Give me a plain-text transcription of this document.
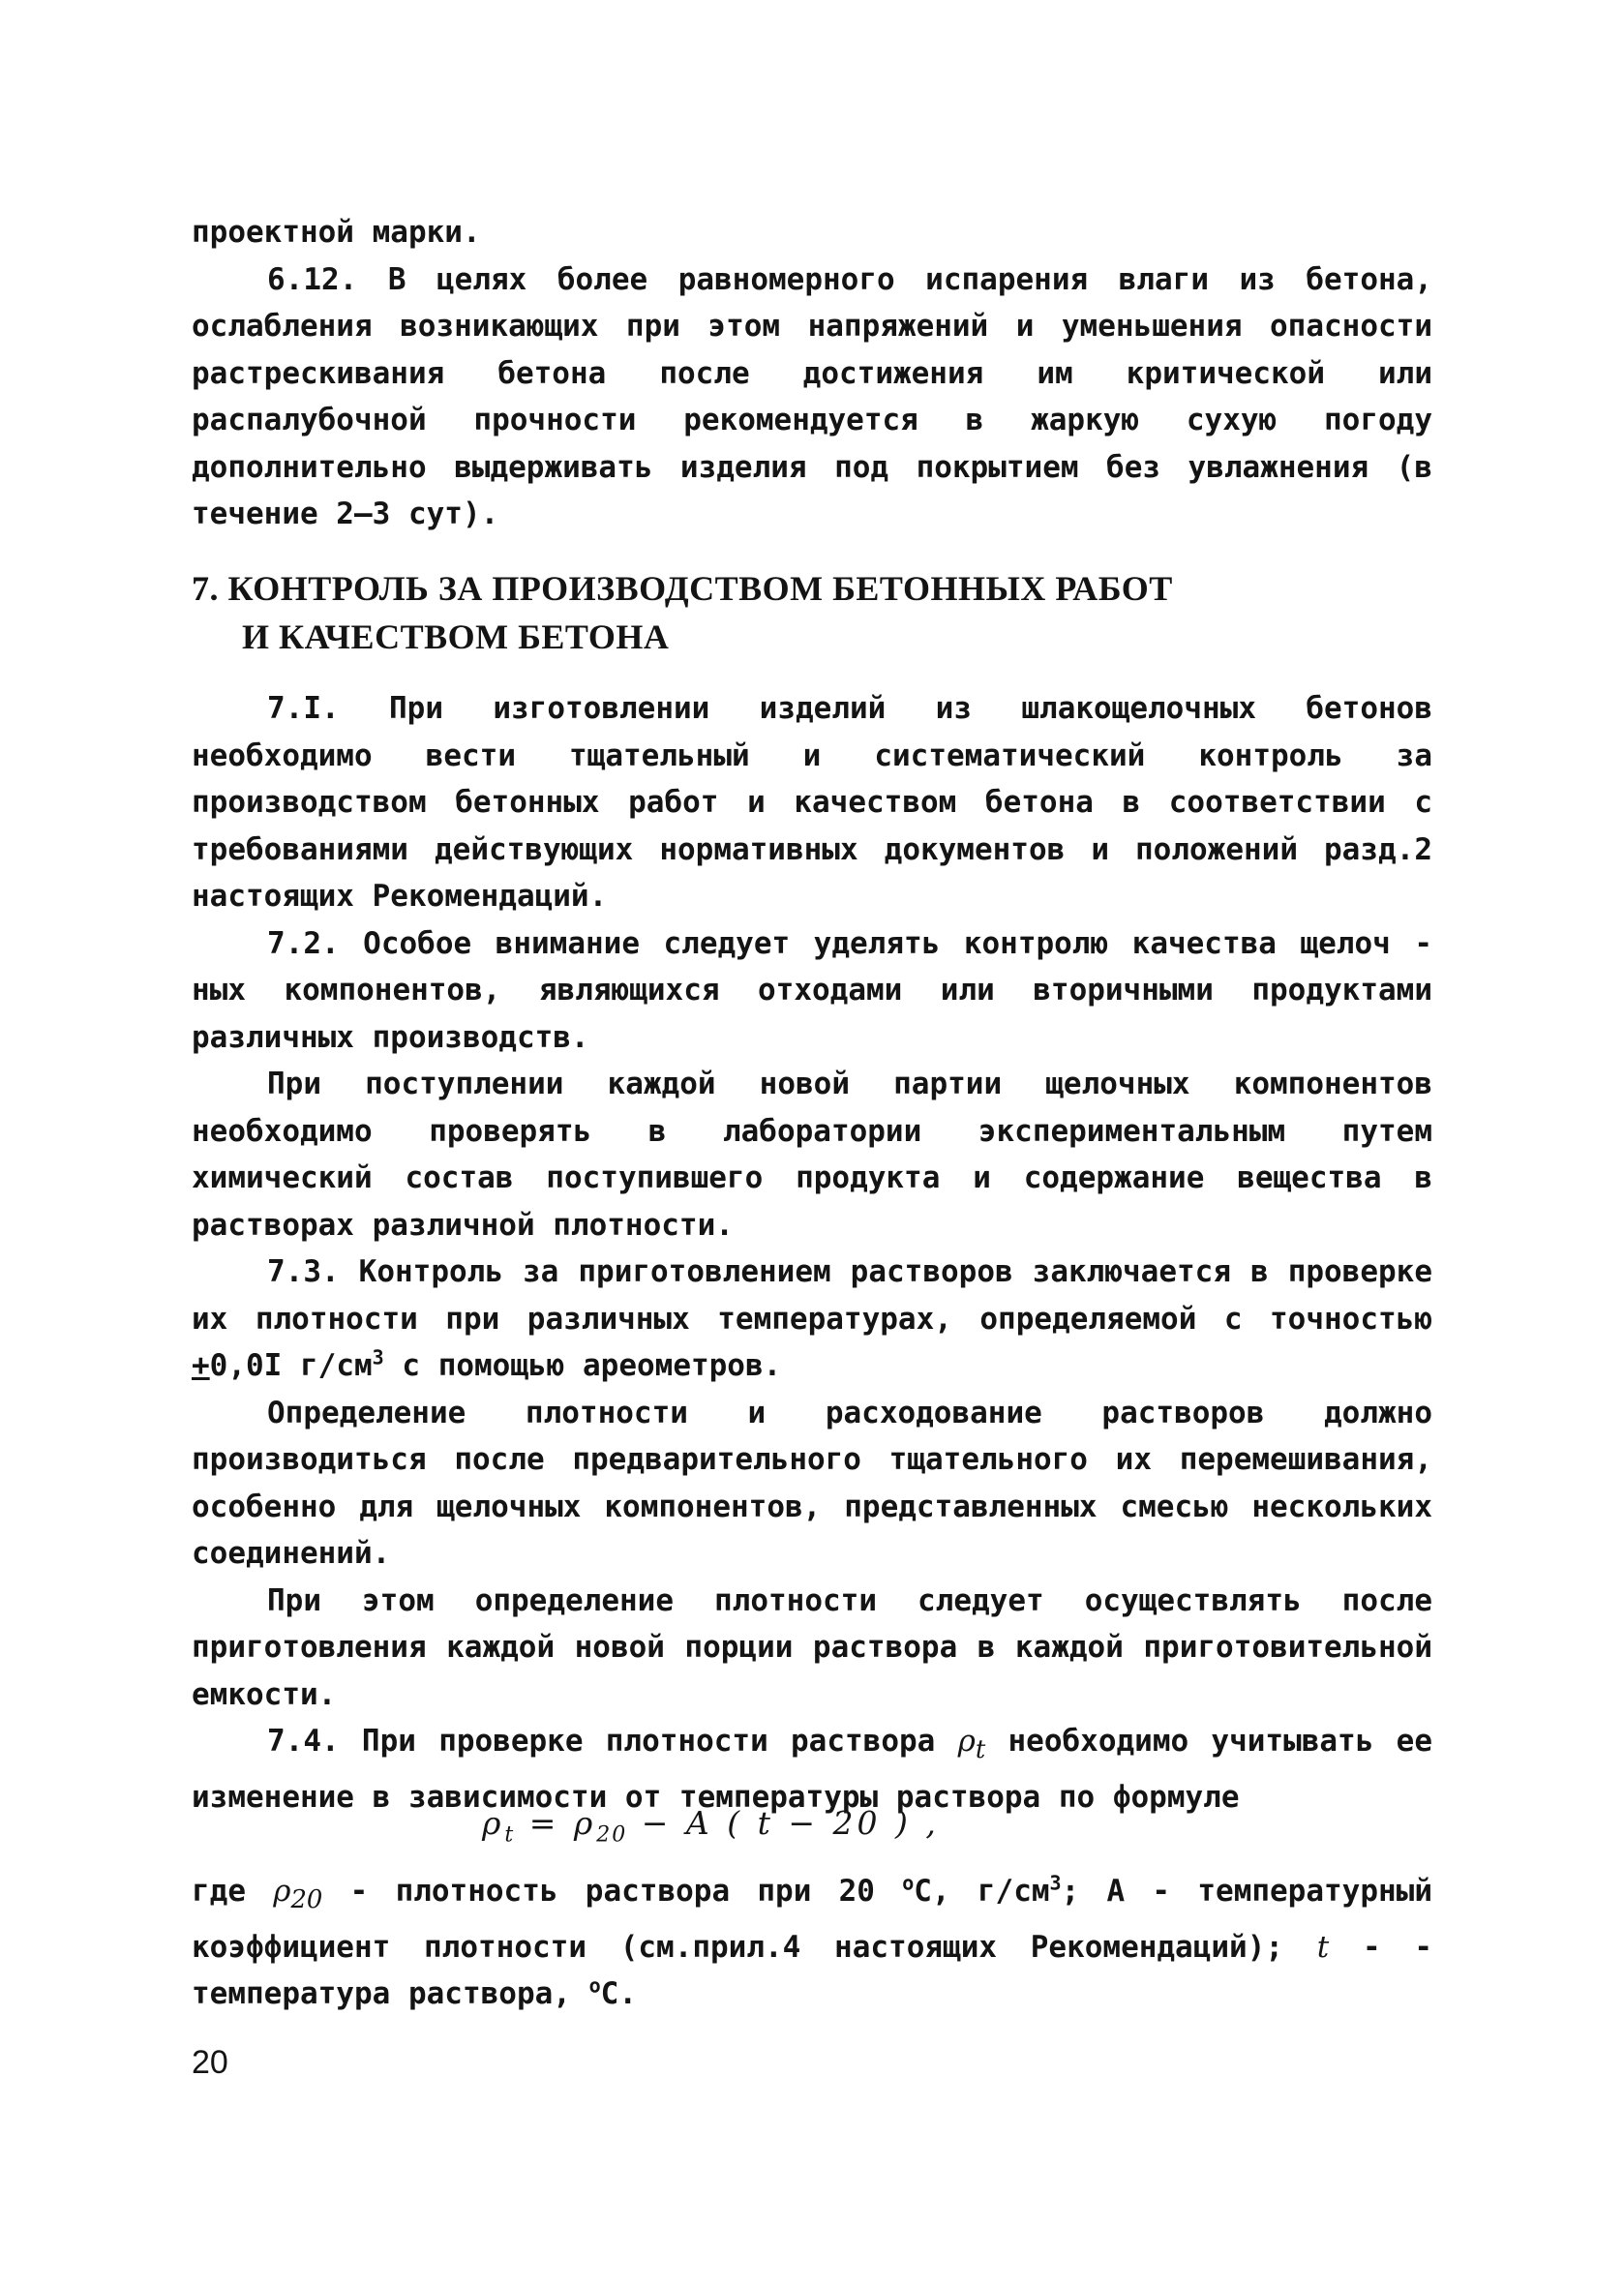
проектной марки.

6.12. В целях более равномерного испарения влаги из бетона, ослабления возникающих при этом напряжений и уменьшения опасности растрескивания бетона после достижения им критической или распалубочной прочности рекомендуется в жаркую сухую погоду дополнительно выдерживать изделия под покрытием без увлажнения (в течение 2–3 сут).

7. КОНТРОЛЬ ЗА ПРОИЗВОДСТВОМ БЕТОННЫХ РАБОТ
И КАЧЕСТВОМ БЕТОНА

7.I. При изготовлении изделий из шлакощелочных бетонов необходимо вести тщательный и систематический контроль за производством бетонных работ и качеством бетона в соответствии с требованиями действующих нормативных документов и положений разд.2 настоящих Рекомендаций.

7.2. Особое внимание следует уделять контролю качества щелоч - ных компонентов, являющихся отходами или вторичными продуктами различных производств.

При поступлении каждой новой партии щелочных компонентов необходимо проверять в лаборатории экспериментальным путем химический состав поступившего продукта и содержание вещества в растворах различной плотности.

7.3. Контроль за приготовлением растворов заключается в проверке их плотности при различных температурах, определяемой с точностью +0,0I $г/см^3$ с помощью ареометров.

Определение плотности и расходование растворов должно производиться после предварительного тщательного их перемешивания, особенно для щелочных компонентов, представленных смесью нескольких соединений.

При этом определение плотности следует осуществлять после приготовления каждой новой порции раствора в каждой приготовительной емкости.

7.4. При проверке плотности раствора $\rho_t$ необходимо учитывать ее изменение в зависимости от температуры раствора по формуле

$\rho_t = \rho_{20} - A$ ( t − 20 ) ,

где $\rho_{20}$ - плотность раствора при 20 $^о$С, $г/см^3$; А - температурный коэффициент плотности (см.прил.4 настоящих Рекомендаций); t - - температура раствора, $^о$С.

20
